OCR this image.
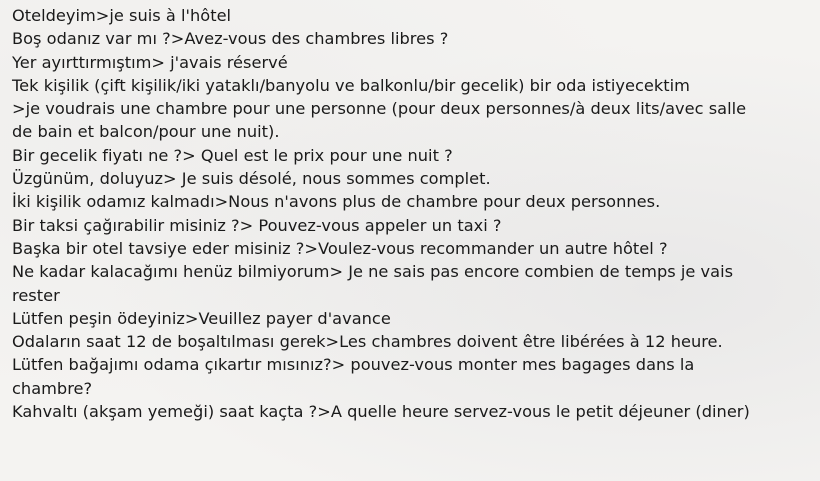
Oteldeyim>je suis à l'hôtel
Boş odanız var mı ?>Avez-vous des chambres libres ?
Yer ayırttırmıştım> j'avais réservé
Tek kişilik (çift kişilik/iki yataklı/banyolu ve balkonlu/bir gecelik) bir oda istiyecektim
>je voudrais une chambre pour une personne (pour deux personnes/à deux lits/avec salle
de bain et balcon/pour une nuit).
Bir gecelik fiyatı ne ?> Quel est le prix pour une nuit ?
Üzgünüm, doluyuz> Je suis désolé, nous sommes complet.
İki kişilik odamız kalmadı>Nous n'avons plus de chambre pour deux personnes.
Bir taksi çağırabilir misiniz ?> Pouvez-vous appeler un taxi ?
Başka bir otel tavsiye eder misiniz ?>Voulez-vous recommander un autre hôtel ?
Ne kadar kalacağımı henüz bilmiyorum> Je ne sais pas encore combien de temps je vais
rester
Lütfen peşin ödeyiniz>Veuillez payer d'avance
Odaların saat 12 de boşaltılması gerek>Les chambres doivent être libérées à 12 heure.
Lütfen bağajımı odama çıkartır mısınız?> pouvez-vous monter mes bagages dans la
chambre?
Kahvaltı (akşam yemeği) saat kaçta ?>A quelle heure servez-vous le petit déjeuner (diner)
